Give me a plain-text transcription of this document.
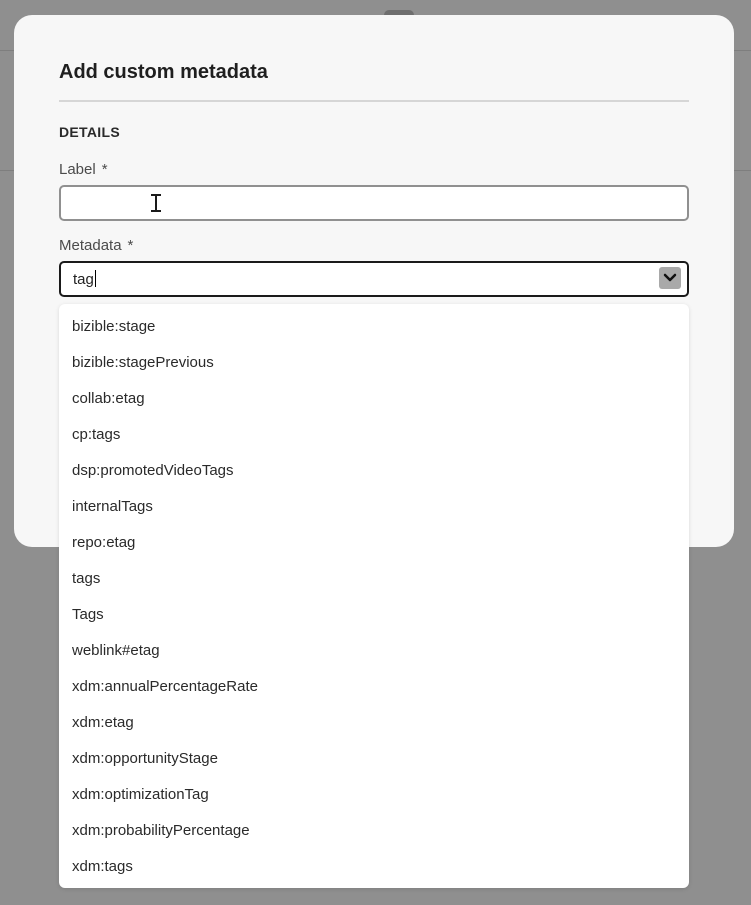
Add custom metadata
DETAILS
Label *
Metadata *
tag
bizible:stage
bizible:stagePrevious
collab:etag
cp:tags
dsp:promotedVideoTags
internalTags
repo:etag
tags
Tags
weblink#etag
xdm:annualPercentageRate
xdm:etag
xdm:opportunityStage
xdm:optimizationTag
xdm:probabilityPercentage
xdm:tags
